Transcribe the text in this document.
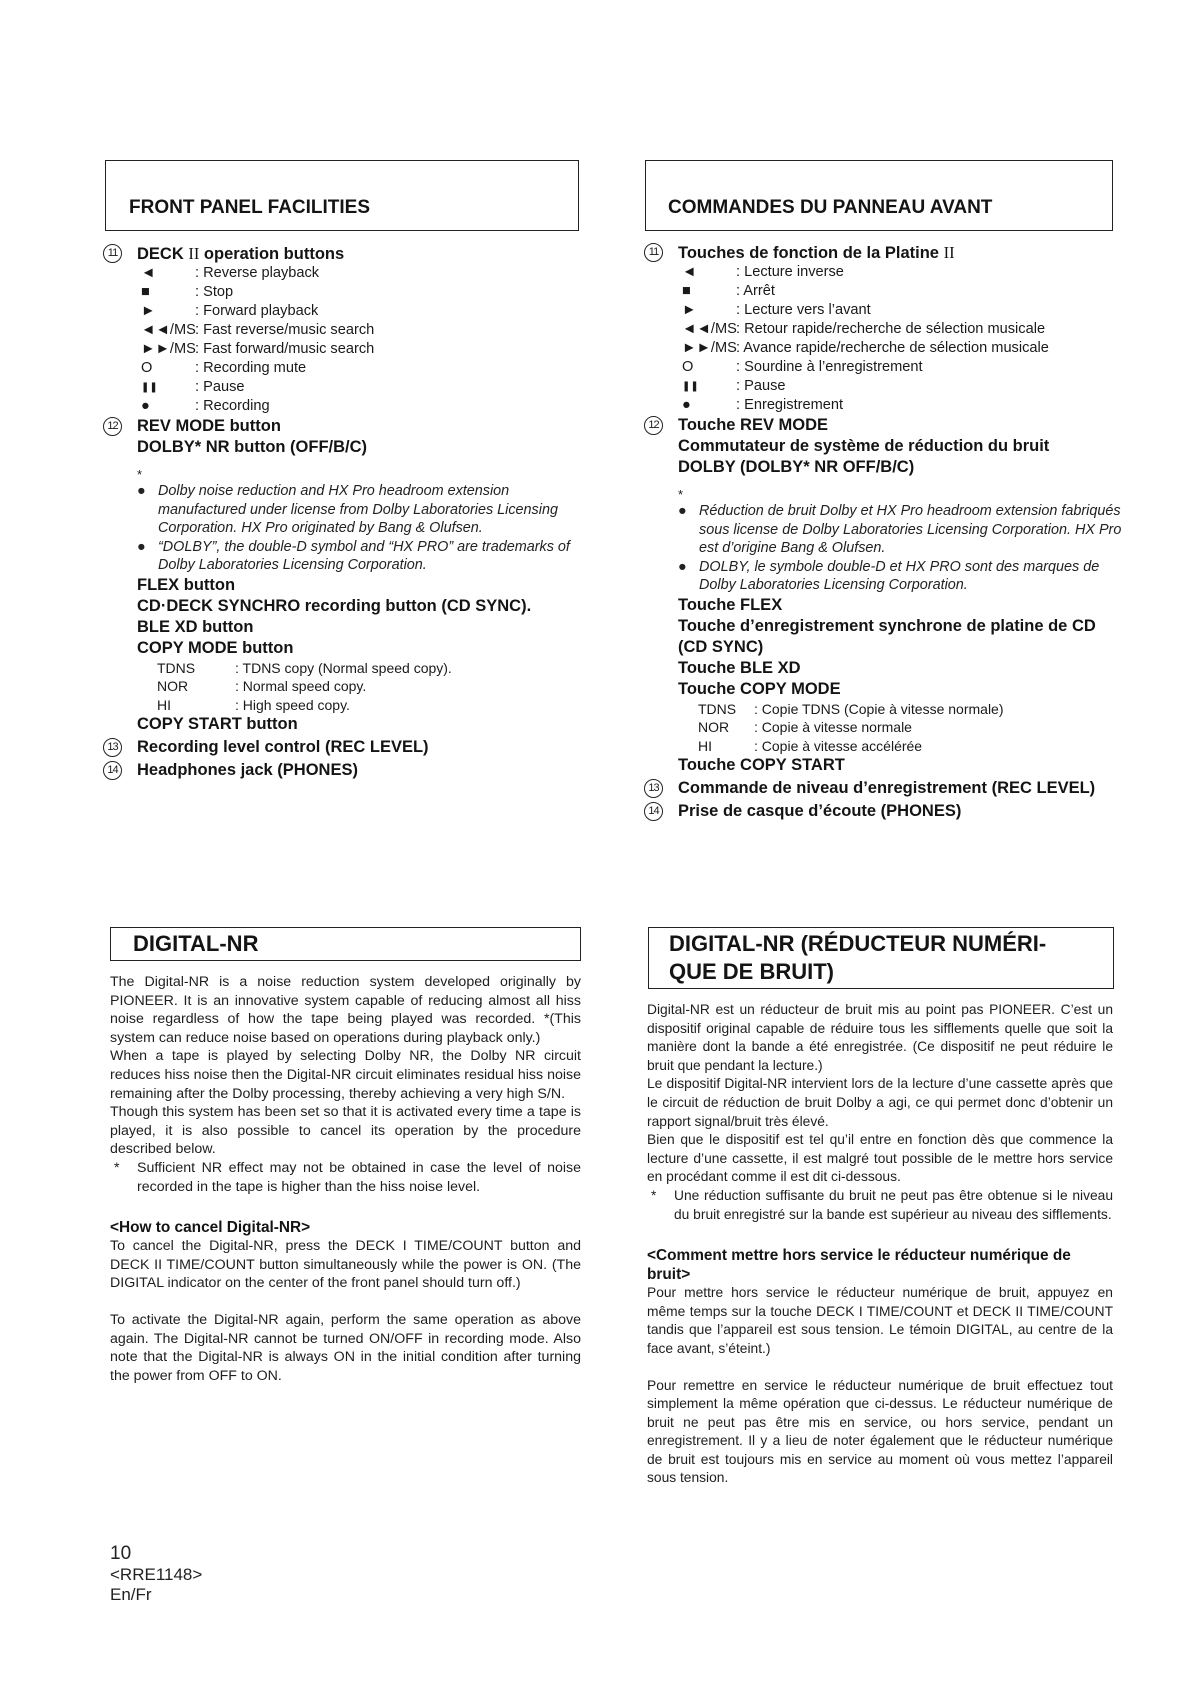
FRONT PANEL FACILITIES
11 DECK II operation buttons
◄	: Reverse playback
■	: Stop
►	: Forward playback
◄◄/MS : Fast reverse/music search
►►/MS : Fast forward/music search
O	: Recording mute
❚❚	: Pause
●	: Recording
12 REV MODE button
DOLBY* NR button (OFF/B/C)
*
● Dolby noise reduction and HX Pro headroom extension manufactured under license from Dolby Laboratories Licensing Corporation. HX Pro originated by Bang & Olufsen.
● “DOLBY”, the double-D symbol and “HX PRO” are trademarks of Dolby Laboratories Licensing Corporation.
FLEX button
CD·DECK SYNCHRO recording button (CD SYNC).
BLE XD button
COPY MODE button
TDNS	: TDNS copy (Normal speed copy).
NOR	: Normal speed copy.
HI	: High speed copy.
COPY START button
13 Recording level control (REC LEVEL)
14 Headphones jack (PHONES)
COMMANDES DU PANNEAU AVANT
11 Touches de fonction de la Platine II
◄	: Lecture inverse
■	: Arrêt
►	: Lecture vers l’avant
◄◄/MS : Retour rapide/recherche de sélection musicale
►►/MS : Avance rapide/recherche de sélection musicale
O	: Sourdine à l’enregistrement
❚❚	: Pause
●	: Enregistrement
12 Touche REV MODE
Commutateur de système de réduction du bruit DOLBY (DOLBY* NR OFF/B/C)
*
● Réduction de bruit Dolby et HX Pro headroom extension fabriqués sous license de Dolby Laboratories Licensing Corporation. HX Pro est d’origine Bang & Olufsen.
● DOLBY, le symbole double-D et HX PRO sont des marques de Dolby Laboratories Licensing Corporation.
Touche FLEX
Touche d’enregistrement synchrone de platine de CD (CD SYNC)
Touche BLE XD
Touche COPY MODE
TDNS	: Copie TDNS (Copie à vitesse normale)
NOR	: Copie à vitesse normale
HI	: Copie à vitesse accélérée
Touche COPY START
13 Commande de niveau d’enregistrement (REC LEVEL)
14 Prise de casque d’écoute (PHONES)
DIGITAL-NR

The Digital-NR is a noise reduction system developed originally by PIONEER. It is an innovative system capable of reducing almost all hiss noise regardless of how the tape being played was recorded. *(This system can reduce noise based on operations during playback only.)

When a tape is played by selecting Dolby NR, the Dolby NR circuit reduces hiss noise then the Digital-NR circuit eliminates residual hiss noise remaining after the Dolby processing, thereby achieving a very high S/N.

Though this system has been set so that it is activated every time a tape is played, it is also possible to cancel its operation by the procedure described below.

*	Sufficient NR effect may not be obtained in case the level of noise recorded in the tape is higher than the hiss noise level.

<How to cancel Digital-NR>

To cancel the Digital-NR, press the DECK I TIME/COUNT button and DECK II TIME/COUNT button simultaneously while the power is ON. (The DIGITAL indicator on the center of the front panel should turn off.)

To activate the Digital-NR again, perform the same operation as above again. The Digital-NR cannot be turned ON/OFF in recording mode. Also note that the Digital-NR is always ON in the initial condition after turning the power from OFF to ON.

DIGITAL-NR (RÉDUCTEUR NUMÉRI-
QUE DE BRUIT)

Digital-NR est un réducteur de bruit mis au point pas PIONEER. C’est un dispositif original capable de réduire tous les sifflements quelle que soit la manière dont la bande a été enregistrée. (Ce dispositif ne peut réduire le bruit que pendant la lecture.)

Le dispositif Digital-NR intervient lors de la lecture d’une cassette après que le circuit de réduction de bruit Dolby a agi, ce qui permet donc d’obtenir un rapport signal/bruit très élevé.

Bien que le dispositif est tel qu’il entre en fonction dès que commence la lecture d’une cassette, il est malgré tout possible de le mettre hors service en procédant comme il est dit ci-dessous.

*	Une réduction suffisante du bruit ne peut pas être obtenue si le niveau du bruit enregistré sur la bande est supérieur au niveau des sifflements.

<Comment mettre hors service le réducteur numérique de bruit>

Pour mettre hors service le réducteur numérique de bruit, appuyez en même temps sur la touche DECK I TIME/COUNT et DECK II TIME/COUNT tandis que l’appareil est sous tension. Le témoin DIGITAL, au centre de la face avant, s’éteint.)

Pour remettre en service le réducteur numérique de bruit effectuez tout simplement la même opération que ci-dessus. Le réducteur numérique de bruit ne peut pas être mis en service, ou hors service, pendant un enregistrement. Il y a lieu de noter également que le réducteur numérique de bruit est toujours mis en service au moment où vous mettez l’appareil sous tension.

10
<RRE1148>
En/Fr
